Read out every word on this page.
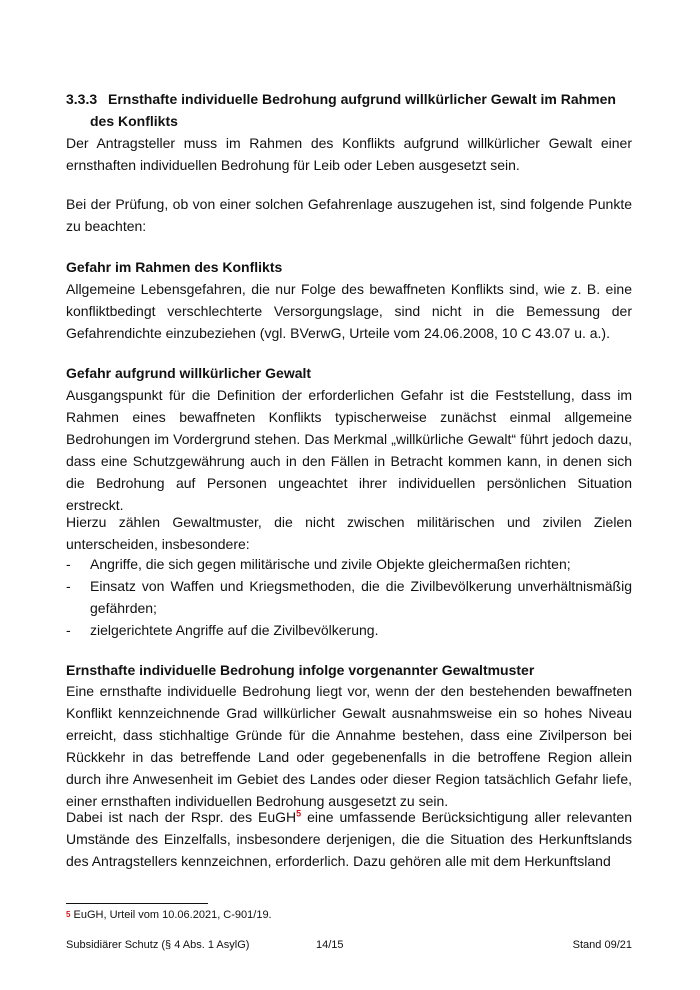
3.3.3 Ernsthafte individuelle Bedrohung aufgrund willkürlicher Gewalt im Rahmen
des Konflikts

Der Antragsteller muss im Rahmen des Konflikts aufgrund willkürlicher Gewalt einer ernsthaften individuellen Bedrohung für Leib oder Leben ausgesetzt sein.

Bei der Prüfung, ob von einer solchen Gefahrenlage auszugehen ist, sind folgende Punkte zu beachten:

Gefahr im Rahmen des Konflikts

Allgemeine Lebensgefahren, die nur Folge des bewaffneten Konflikts sind, wie z. B. eine konfliktbedingt verschlechterte Versorgungslage, sind nicht in die Bemessung der Gefahrendichte einzubeziehen (vgl. BVerwG, Urteile vom 24.06.2008, 10 C 43.07 u. a.).

Gefahr aufgrund willkürlicher Gewalt

Ausgangspunkt für die Definition der erforderlichen Gefahr ist die Feststellung, dass im Rahmen eines bewaffneten Konflikts typischerweise zunächst einmal allgemeine Bedrohungen im Vordergrund stehen. Das Merkmal „willkürliche Gewalt“ führt jedoch dazu, dass eine Schutzgewährung auch in den Fällen in Betracht kommen kann, in denen sich die Bedrohung auf Personen ungeachtet ihrer individuellen persönlichen Situation erstreckt.

Hierzu zählen Gewaltmuster, die nicht zwischen militärischen und zivilen Zielen unterscheiden, insbesondere:

- Angriffe, die sich gegen militärische und zivile Objekte gleichermaßen richten;
- Einsatz von Waffen und Kriegsmethoden, die die Zivilbevölkerung unverhältnismäßig gefährden;
- zielgerichtete Angriffe auf die Zivilbevölkerung.

Ernsthafte individuelle Bedrohung infolge vorgenannter Gewaltmuster

Eine ernsthafte individuelle Bedrohung liegt vor, wenn der den bestehenden bewaffneten Konflikt kennzeichnende Grad willkürlicher Gewalt ausnahmsweise ein so hohes Niveau erreicht, dass stichhaltige Gründe für die Annahme bestehen, dass eine Zivilperson bei Rückkehr in das betreffende Land oder gegebenenfalls in die betroffene Region allein durch ihre Anwesenheit im Gebiet des Landes oder dieser Region tatsächlich Gefahr liefe, einer ernsthaften individuellen Bedrohung ausgesetzt zu sein.

Dabei ist nach der Rspr. des EuGH$^5$ eine umfassende Berücksichtigung aller relevanten Umstände des Einzelfalls, insbesondere derjenigen, die die Situation des Herkunftslands des Antragstellers kennzeichnen, erforderlich. Dazu gehören alle mit dem Herkunftsland

$^5$ EuGH, Urteil vom 10.06.2021, C-901/19.
Subsidiärer Schutz (§ 4 Abs. 1 AsylG)	14/15	Stand 09/21
